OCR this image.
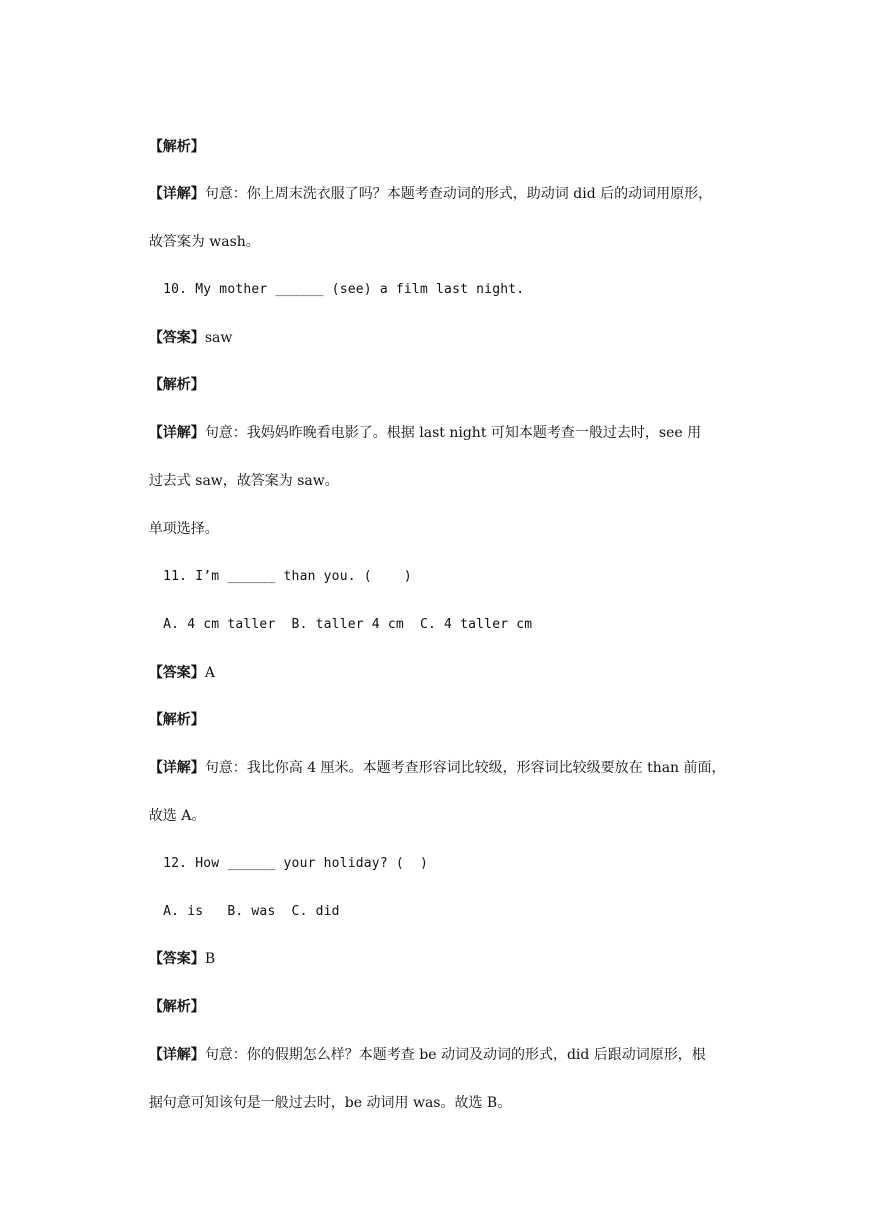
【解析】

【详解】句意：你上周末洗衣服了吗？本题考查动词的形式，助动词 did 后的动词用原形，

故答案为 wash。

10. My mother ______ (see) a film last night.

【答案】saw

【解析】

【详解】句意：我妈妈昨晚看电影了。根据 last night 可知本题考查一般过去时，see 用

过去式 saw，故答案为 saw。

单项选择。

11. I’m ______ than you. (    )

A. 4 cm taller  B. taller 4 cm  C. 4 taller cm

【答案】A

【解析】

【详解】句意：我比你高 4 厘米。本题考查形容词比较级，形容词比较级要放在 than 前面，

故选 A。

12. How ______ your holiday? (  )

A. is   B. was  C. did

【答案】B

【解析】

【详解】句意：你的假期怎么样？本题考查 be 动词及动词的形式，did 后跟动词原形，根

据句意可知该句是一般过去时，be 动词用 was。故选 B。
